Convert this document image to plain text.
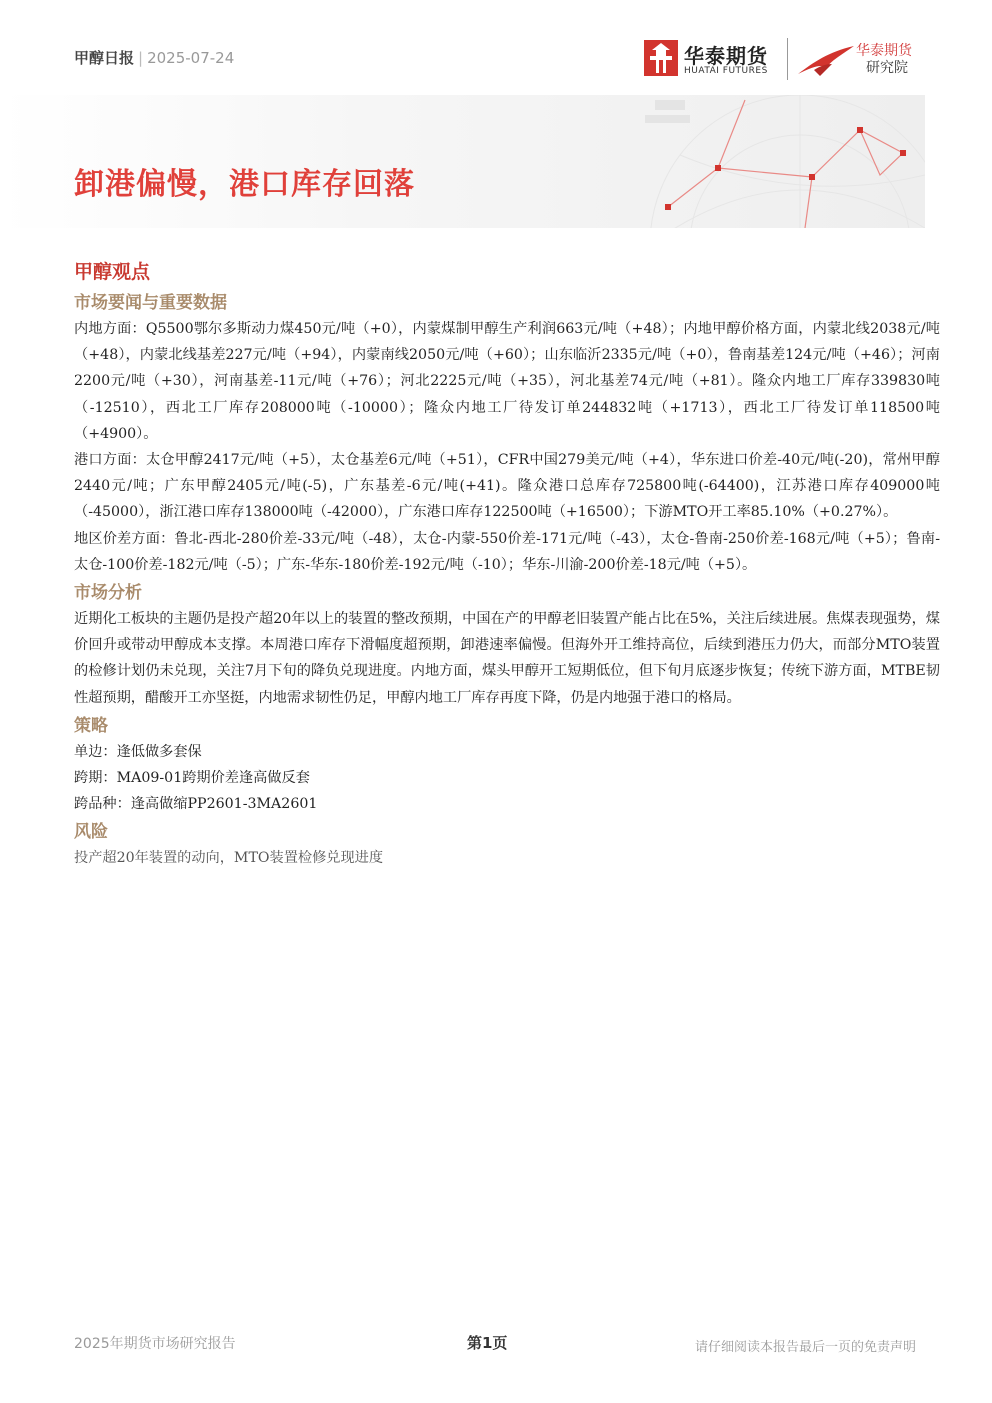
甲醇日报 | 2025-07-24	华泰期货
HUATAI FUTURES
华泰期货
研究院
卸港偏慢，港口库存回落
甲醇观点
市场要闻与重要数据

内地方面：Q5500鄂尔多斯动力煤450元/吨（+0），内蒙煤制甲醇生产利润663元/吨（+48）；内地甲醇价格方面，内蒙北线2038元/吨（+48），内蒙北线基差227元/吨（+94），内蒙南线2050元/吨（+60）；山东临沂2335元/吨（+0），鲁南基差124元/吨（+46）；河南2200元/吨（+30），河南基差-11元/吨（+76）；河北2225元/吨（+35），河北基差74元/吨（+81）。隆众内地工厂库存339830吨（-12510），西北工厂库存208000吨（-10000）；隆众内地工厂待发订单244832吨（+1713），西北工厂待发订单118500吨（+4900）。

港口方面：太仓甲醇2417元/吨（+5），太仓基差6元/吨（+51），CFR中国279美元/吨（+4），华东进口价差-40元/吨(-20)，常州甲醇2440元/吨；广东甲醇2405元/吨(-5)，广东基差-6元/吨(+41)。隆众港口总库存725800吨(-64400)，江苏港口库存409000吨（-45000），浙江港口库存138000吨（-42000），广东港口库存122500吨（+16500）；下游MTO开工率85.10%（+0.27%）。

地区价差方面：鲁北-西北-280价差-33元/吨（-48），太仓-内蒙-550价差-171元/吨（-43），太仓-鲁南-250价差-168元/吨（+5）；鲁南-太仓-100价差-182元/吨（-5）；广东-华东-180价差-192元/吨（-10）；华东-川渝-200价差-18元/吨（+5）。

市场分析

近期化工板块的主题仍是投产超20年以上的装置的整改预期，中国在产的甲醇老旧装置产能占比在5%，关注后续进展。焦煤表现强势，煤价回升或带动甲醇成本支撑。本周港口库存下滑幅度超预期，卸港速率偏慢。但海外开工维持高位，后续到港压力仍大，而部分MTO装置的检修计划仍未兑现，关注7月下旬的降负兑现进度。内地方面，煤头甲醇开工短期低位，但下旬月底逐步恢复；传统下游方面，MTBE韧性超预期，醋酸开工亦坚挺，内地需求韧性仍足，甲醇内地工厂库存再度下降，仍是内地强于港口的格局。

策略
单边：逢低做多套保
跨期：MA09-01跨期价差逢高做反套
跨品种：逢高做缩PP2601-3MA2601
风险

投产超20年装置的动向，MTO装置检修兑现进度

2025年期货市场研究报告	第1页	请仔细阅读本报告最后一页的免责声明
